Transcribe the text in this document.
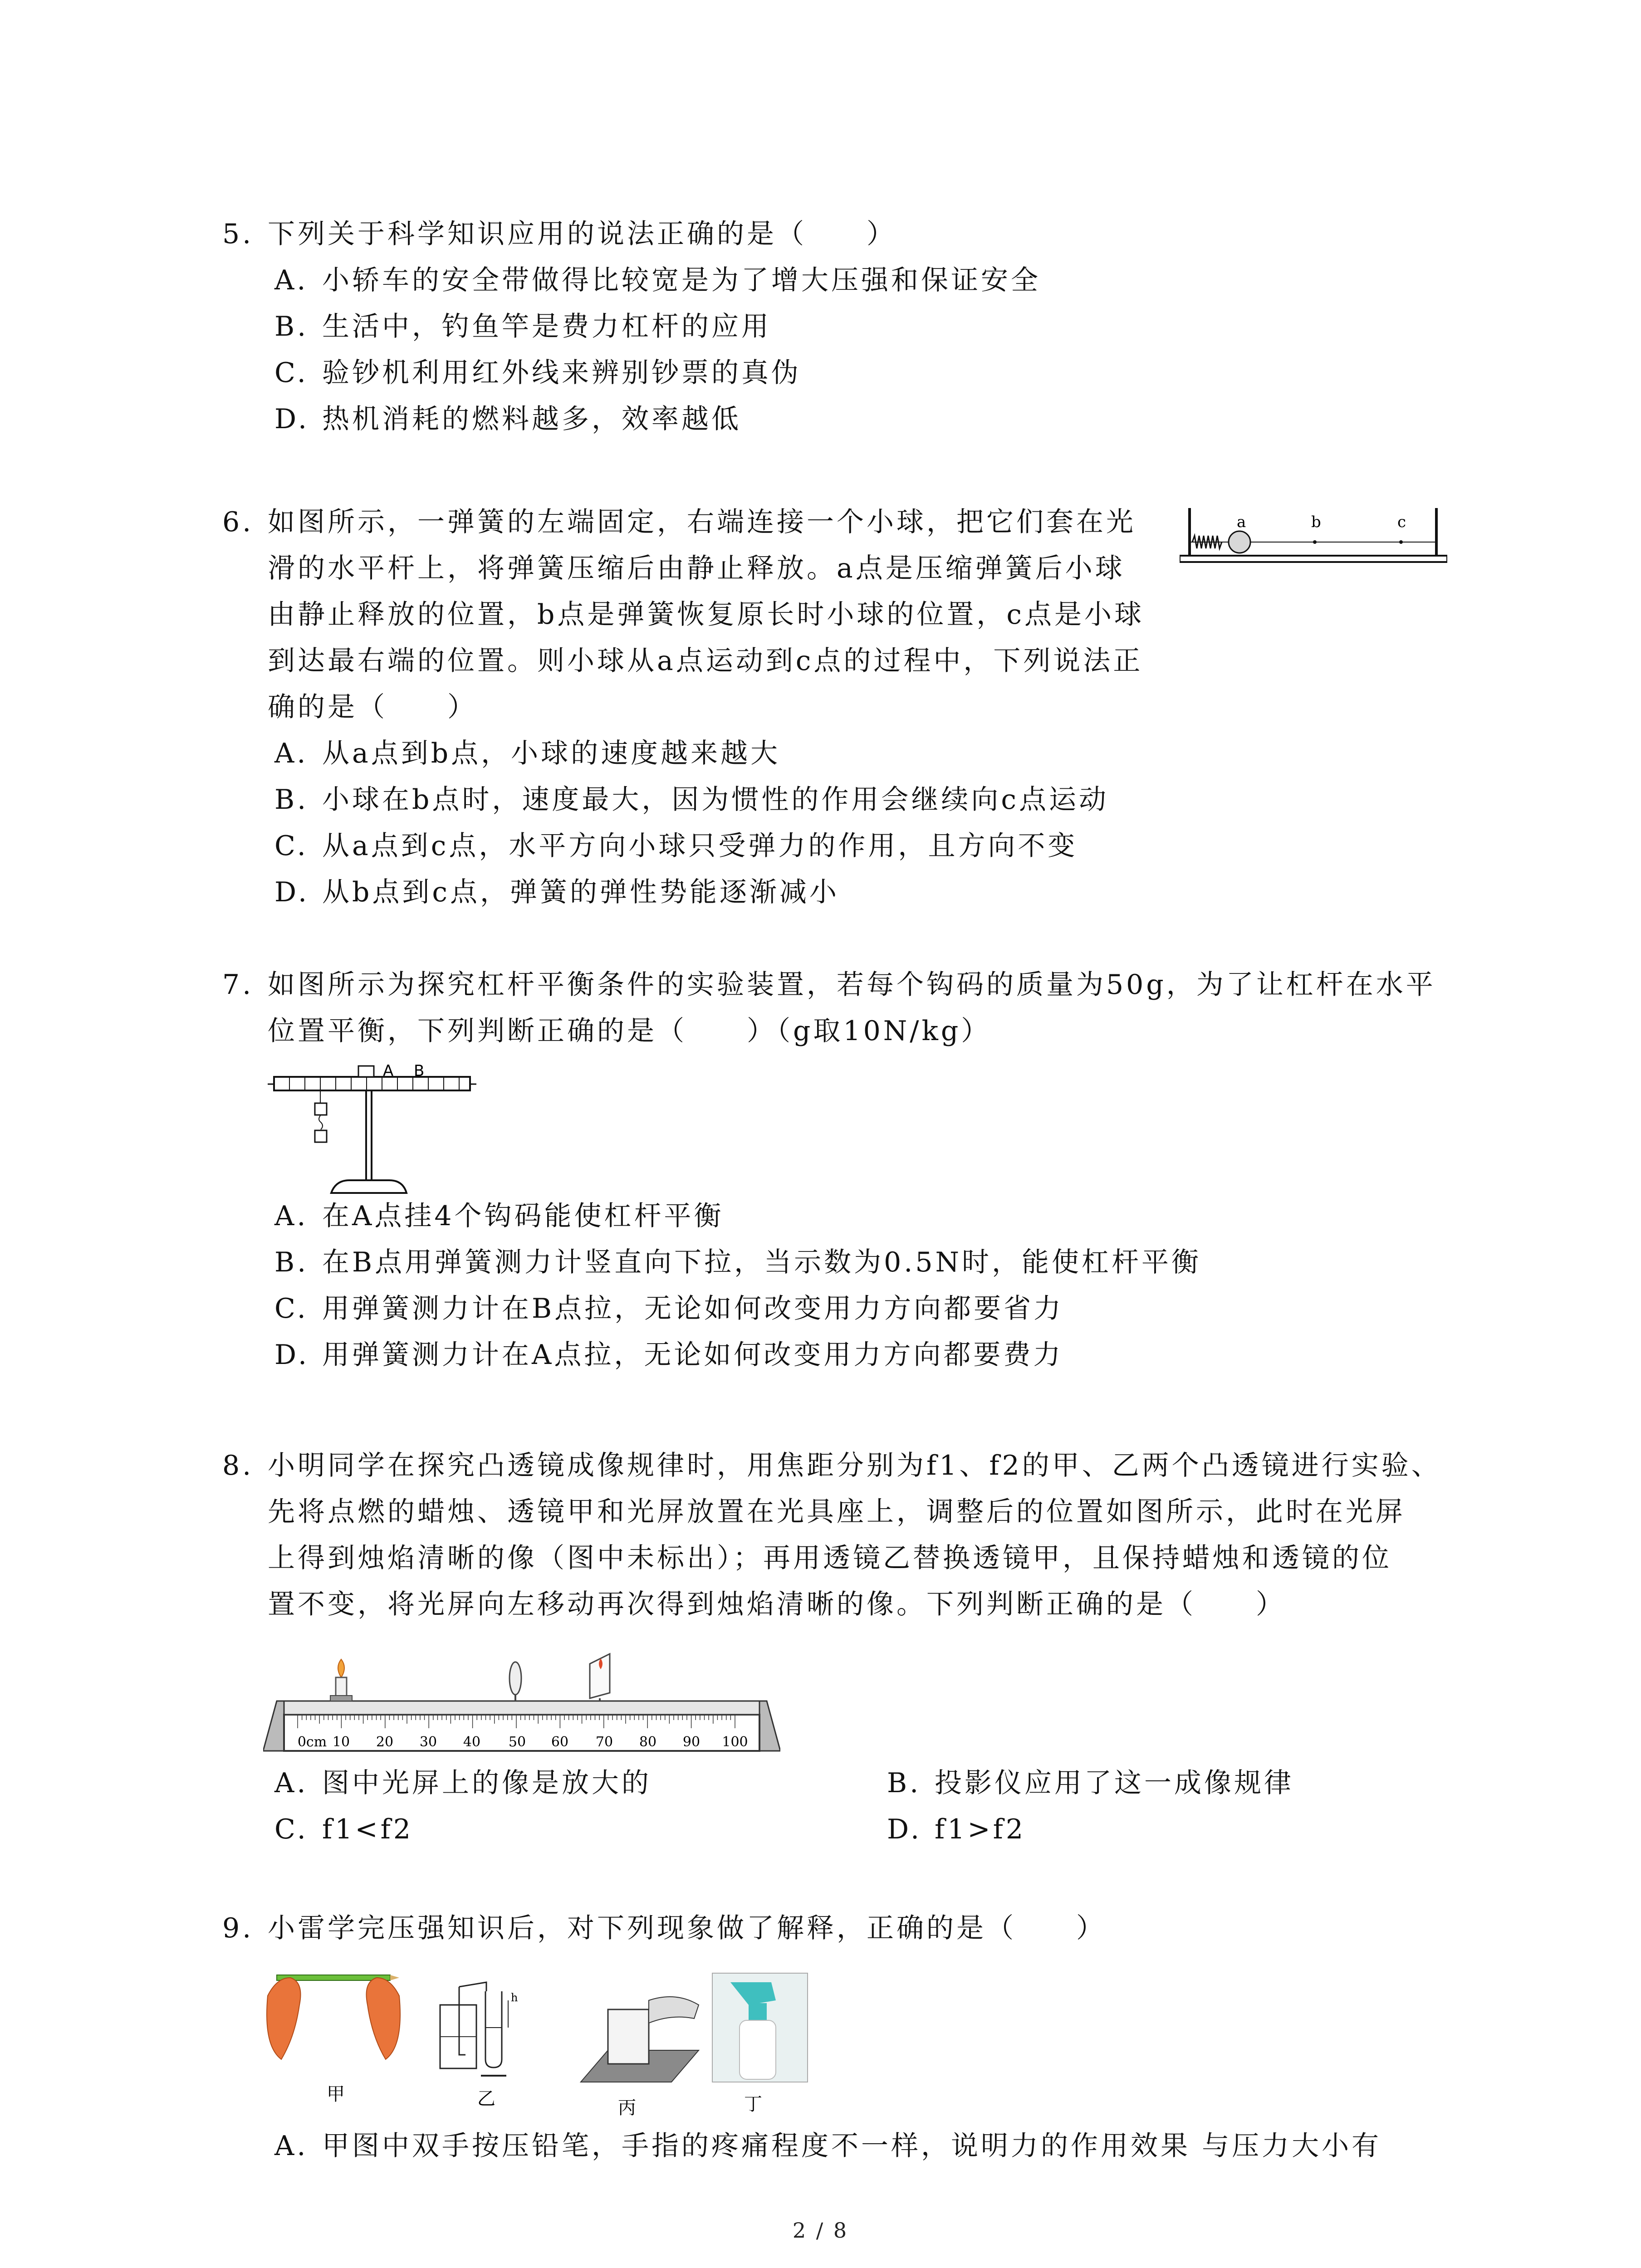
5. 下列关于科学知识应用的说法正确的是（　　）
A. 小轿车的安全带做得比较宽是为了增大压强和保证安全
B. 生活中，钓鱼竿是费力杠杆的应用
C. 验钞机利用红外线来辨别钞票的真伪
D. 热机消耗的燃料越多，效率越低
6. 如图所示，一弹簧的左端固定，右端连接一个小球，把它们套在光
滑的水平杆上，将弹簧压缩后由静止释放。a点是压缩弹簧后小球
由静止释放的位置，b点是弹簧恢复原长时小球的位置，c点是小球
到达最右端的位置。则小球从a点运动到c点的过程中，下列说法正
确的是（　　）
A. 从a点到b点，小球的速度越来越大
B. 小球在b点时，速度最大，因为惯性的作用会继续向c点运动
C. 从a点到c点，水平方向小球只受弹力的作用，且方向不变
D. 从b点到c点，弹簧的弹性势能逐渐减小
a	b	c
7. 如图所示为探究杠杆平衡条件的实验装置，若每个钩码的质量为50g，为了让杠杆在水平
位置平衡，下列判断正确的是（　　）（g取10N/kg）
A B
A. 在A点挂4个钩码能使杠杆平衡
B. 在B点用弹簧测力计竖直向下拉，当示数为0.5N时，能使杠杆平衡
C. 用弹簧测力计在B点拉，无论如何改变用力方向都要省力
D. 用弹簧测力计在A点拉，无论如何改变用力方向都要费力
8. 小明同学在探究凸透镜成像规律时，用焦距分别为f1、f2的甲、乙两个凸透镜进行实验、
先将点燃的蜡烛、透镜甲和光屏放置在光具座上，调整后的位置如图所示，此时在光屏
上得到烛焰清晰的像（图中未标出）；再用透镜乙替换透镜甲，且保持蜡烛和透镜的位
置不变，将光屏向左移动再次得到烛焰清晰的像。下列判断正确的是（　　）
0cm 10 20 30 40 50 60 70 80 90 100
A. 图中光屏上的像是放大的	B. 投影仪应用了这一成像规律
C. f1<f2	D. f1>f2
9. 小雷学完压强知识后，对下列现象做了解释，正确的是（　　）
甲
h
乙	丙	丁
A. 甲图中双手按压铅笔，手指的疼痛程度不一样，说明力的作用效果 与压力大小有
2 / 8
